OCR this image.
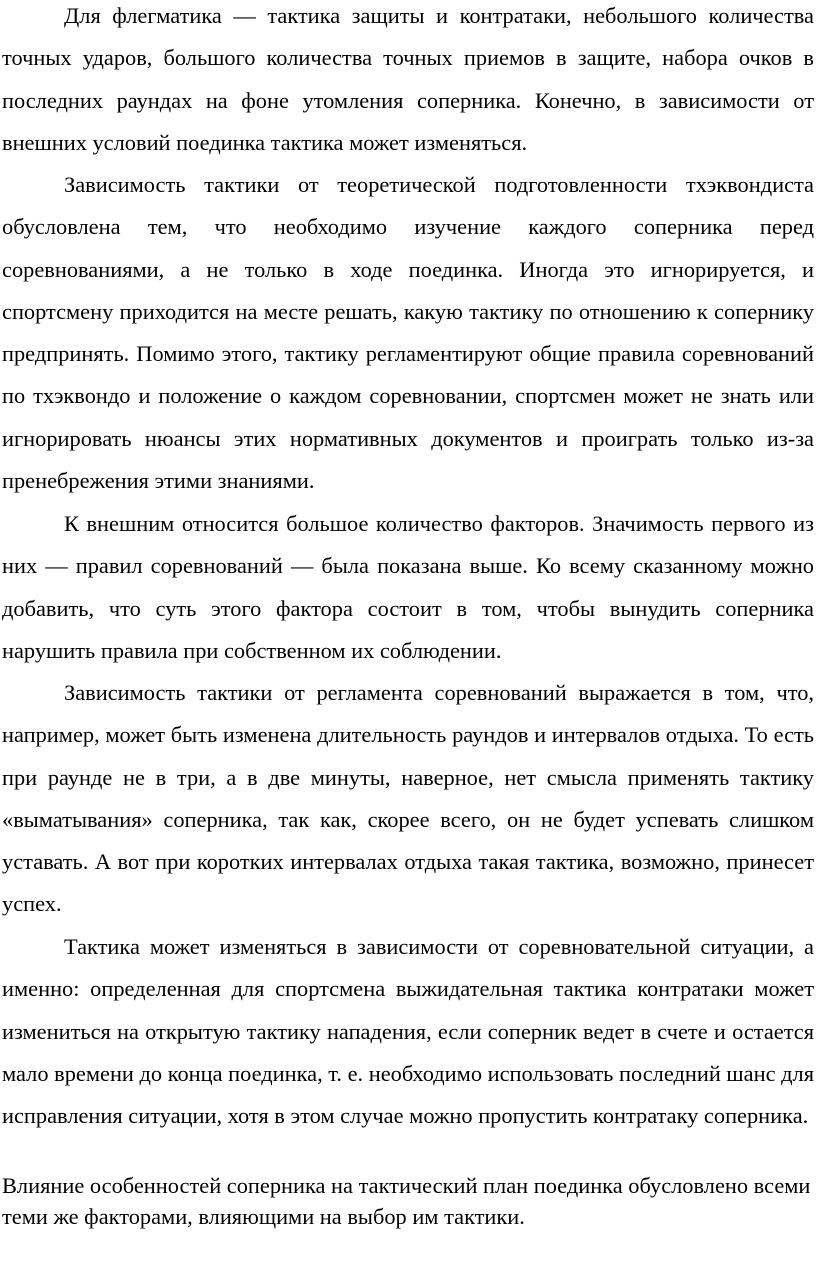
Для флегматика — тактика защиты и контратаки, небольшого количества точных ударов, большого количества точных приемов в защите, набора очков в последних раундах на фоне утомления соперника. Конечно, в зависимости от внешних условий поединка тактика может изменяться.

Зависимость тактики от теоретической подготовленности тхэквондиста обусловлена тем, что необходимо изучение каждого соперника перед соревнованиями, а не только в ходе поединка. Иногда это игнорируется, и спортсмену приходится на месте решать, какую тактику по отношению к сопернику предпринять. Помимо этого, тактику регламентируют общие правила соревнований по тхэквондо и положение о каждом соревновании, спортсмен может не знать или игнорировать нюансы этих нормативных документов и проиграть только из-за пренебрежения этими знаниями.

К внешним относится большое количество факторов. Значимость первого из них — правил соревнований — была показана выше. Ко всему сказанному можно добавить, что суть этого фактора состоит в том, чтобы вынудить соперника нарушить правила при собственном их соблюдении.

Зависимость тактики от регламента соревнований выражается в том, что, например, может быть изменена длительность раундов и интервалов отдыха. То есть при раунде не в три, а в две минуты, наверное, нет смысла применять тактику «выматывания» соперника, так как, скорее всего, он не будет успевать слишком уставать. А вот при коротких интервалах отдыха такая тактика, возможно, принесет успех.

Тактика может изменяться в зависимости от соревновательной ситуации, а именно: определенная для спортсмена выжидательная тактика контратаки может измениться на открытую тактику нападения, если соперник ведет в счете и остается мало времени до конца поединка, т. е. необходимо использовать последний шанс для исправления ситуации, хотя в этом случае можно пропустить контратаку соперника.

Влияние особенностей соперника на тактический план поединка обусловлено всеми теми же факторами, влияющими на выбор им тактики.
